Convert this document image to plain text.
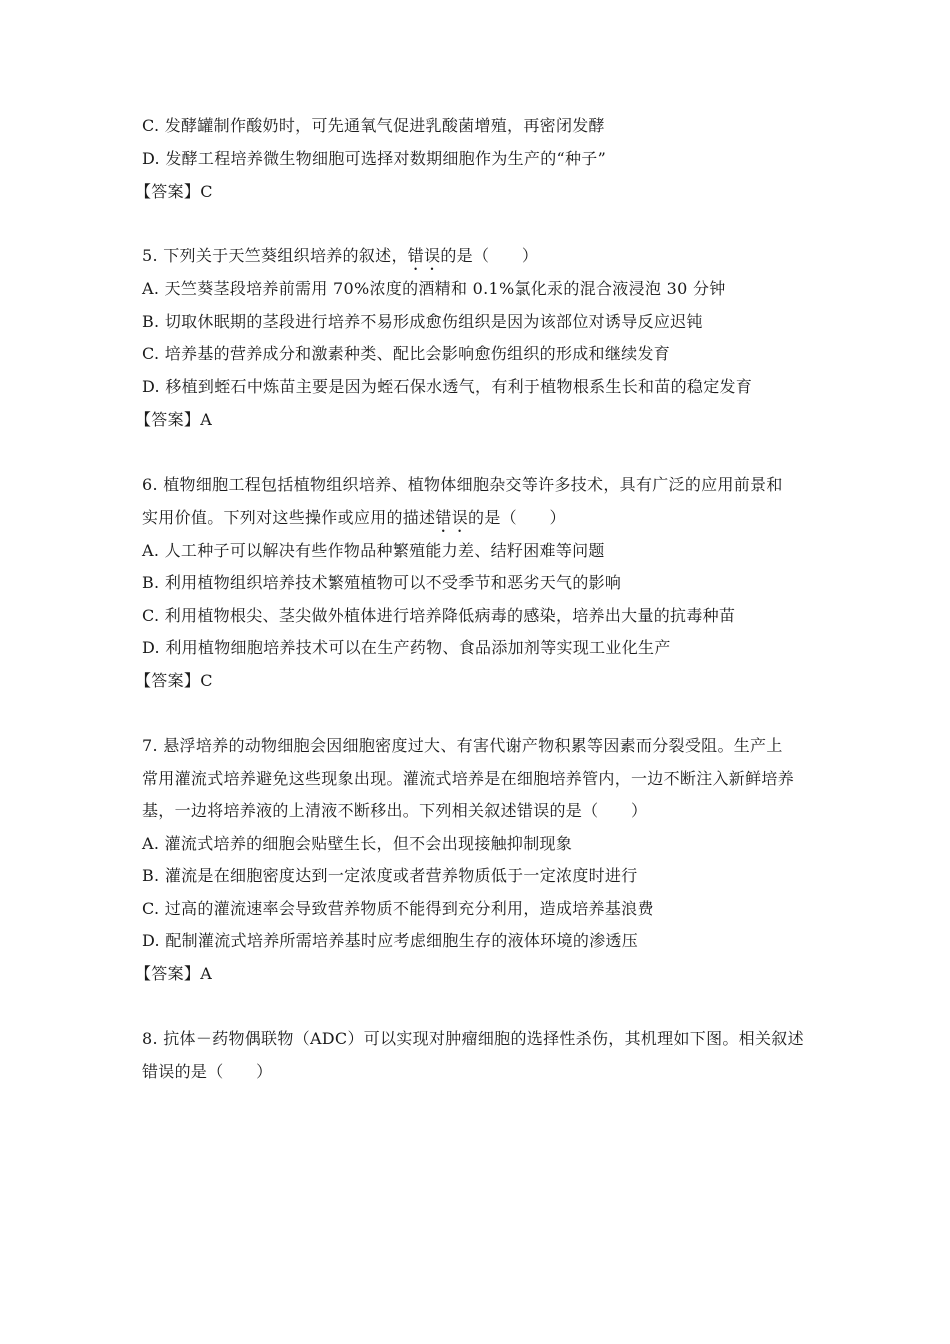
C. 发酵罐制作酸奶时，可先通氧气促进乳酸菌增殖，再密闭发酵
D. 发酵工程培养微生物细胞可选择对数期细胞作为生产的“种子”
【答案】C
5. 下列关于天竺葵组织培养的叙述，错误的是（　　）
A. 天竺葵茎段培养前需用 70%浓度的酒精和 0.1%氯化汞的混合液浸泡 30 分钟
B. 切取休眠期的茎段进行培养不易形成愈伤组织是因为该部位对诱导反应迟钝
C. 培养基的营养成分和激素种类、配比会影响愈伤组织的形成和继续发育
D. 移植到蛭石中炼苗主要是因为蛭石保水透气，有利于植物根系生长和苗的稳定发育
【答案】A
6. 植物细胞工程包括植物组织培养、植物体细胞杂交等许多技术，具有广泛的应用前景和
实用价值。下列对这些操作或应用的描述错误的是（　　）
A. 人工种子可以解决有些作物品种繁殖能力差、结籽困难等问题
B. 利用植物组织培养技术繁殖植物可以不受季节和恶劣天气的影响
C. 利用植物根尖、茎尖做外植体进行培养降低病毒的感染，培养出大量的抗毒种苗
D. 利用植物细胞培养技术可以在生产药物、食品添加剂等实现工业化生产
【答案】C
7. 悬浮培养的动物细胞会因细胞密度过大、有害代谢产物积累等因素而分裂受阻。生产上
常用灌流式培养避免这些现象出现。灌流式培养是在细胞培养管内，一边不断注入新鲜培养
基，一边将培养液的上清液不断移出。下列相关叙述错误的是（　　）
A. 灌流式培养的细胞会贴壁生长，但不会出现接触抑制现象
B. 灌流是在细胞密度达到一定浓度或者营养物质低于一定浓度时进行
C. 过高的灌流速率会导致营养物质不能得到充分利用，造成培养基浪费
D. 配制灌流式培养所需培养基时应考虑细胞生存的液体环境的渗透压
【答案】A
8. 抗体－药物偶联物（ADC）可以实现对肿瘤细胞的选择性杀伤，其机理如下图。相关叙述
错误的是（　　）
